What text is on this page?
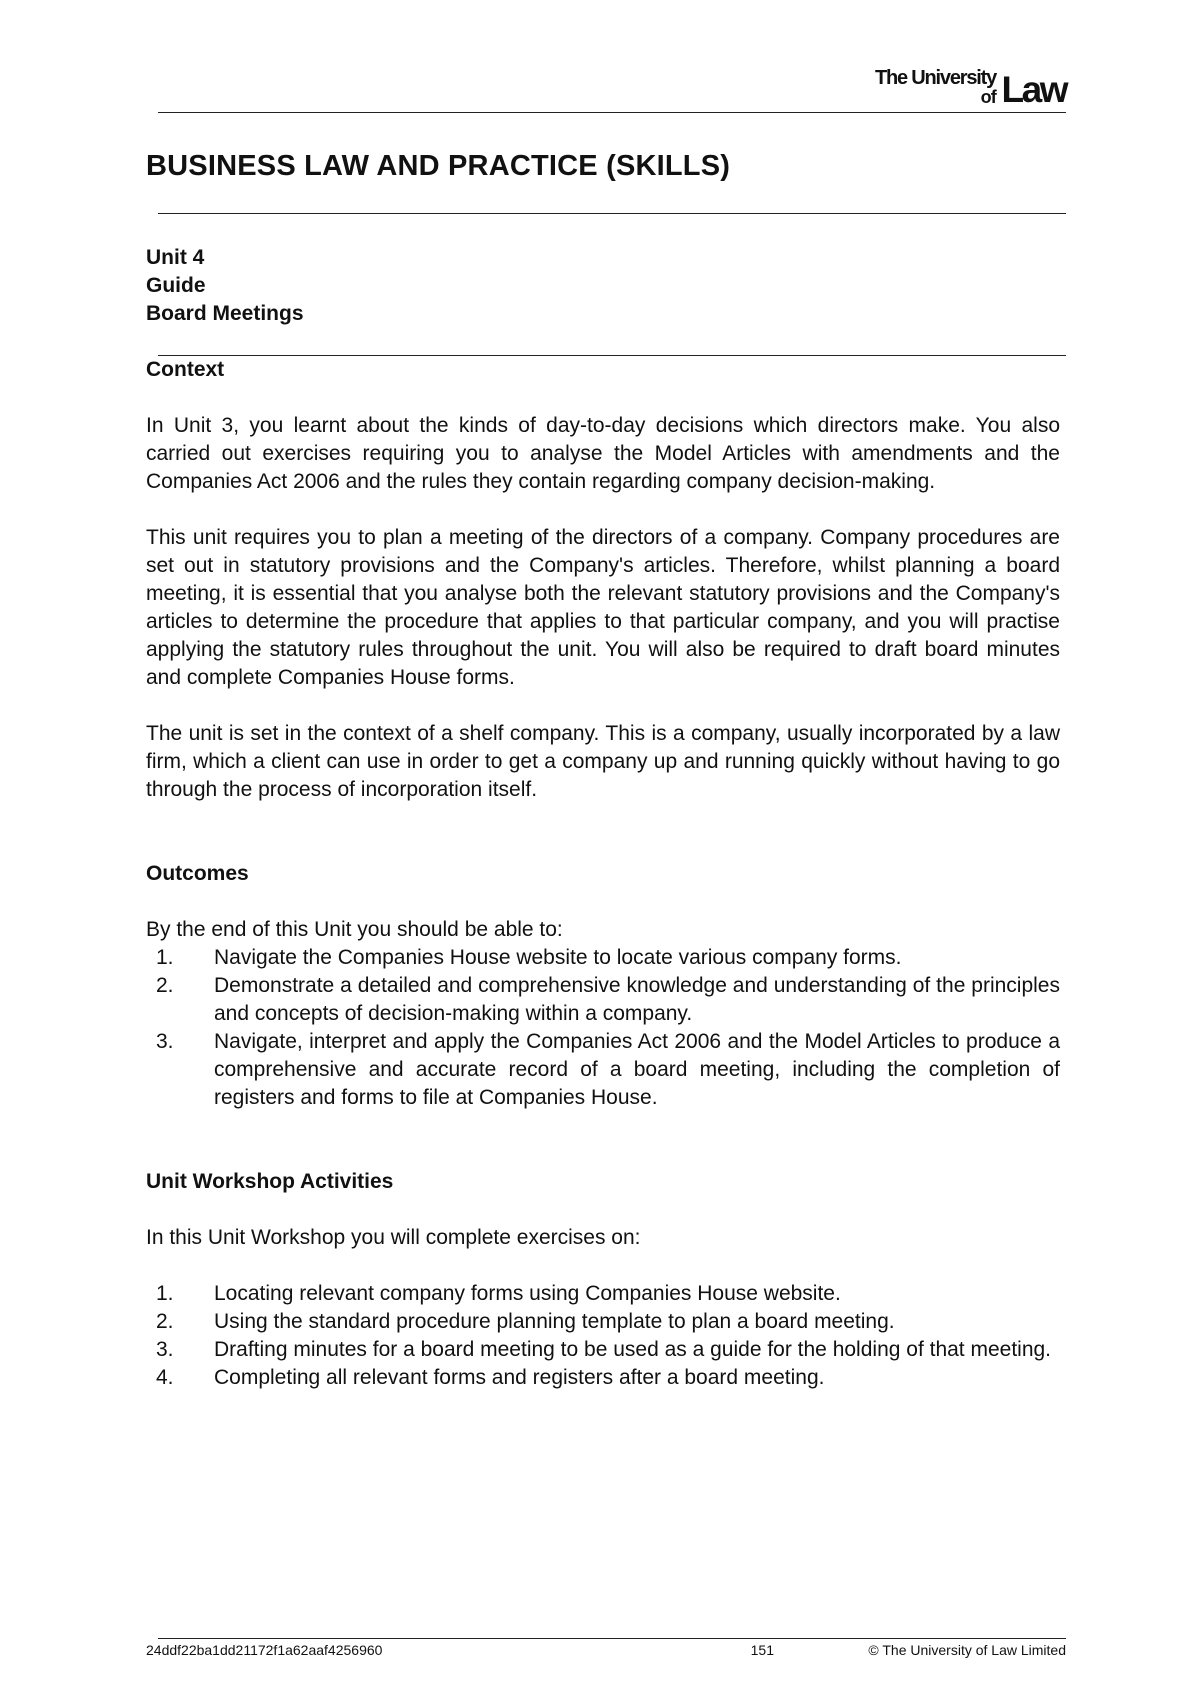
The University
of Law
BUSINESS LAW AND PRACTICE (SKILLS)
Unit 4
Guide
Board Meetings
Context

In Unit 3, you learnt about the kinds of day-to-day decisions which directors make. You also carried out exercises requiring you to analyse the Model Articles with amendments and the Companies Act 2006 and the rules they contain regarding company decision-making.

This unit requires you to plan a meeting of the directors of a company. Company procedures are set out in statutory provisions and the Company's articles. Therefore, whilst planning a board meeting, it is essential that you analyse both the relevant statutory provisions and the Company's articles to determine the procedure that applies to that particular company, and you will practise applying the statutory rules throughout the unit. You will also be required to draft board minutes and complete Companies House forms.

The unit is set in the context of a shelf company. This is a company, usually incorporated by a law firm, which a client can use in order to get a company up and running quickly without having to go through the process of incorporation itself.

Outcomes

By the end of this Unit you should be able to:

1. Navigate the Companies House website to locate various company forms.
2. Demonstrate a detailed and comprehensive knowledge and understanding of the principles and concepts of decision-making within a company.
3. Navigate, interpret and apply the Companies Act 2006 and the Model Articles to produce a comprehensive and accurate record of a board meeting, including the completion of registers and forms to file at Companies House.
Unit Workshop Activities

In this Unit Workshop you will complete exercises on:

1. Locating relevant company forms using Companies House website.
2. Using the standard procedure planning template to plan a board meeting.
3. Drafting minutes for a board meeting to be used as a guide for the holding of that meeting.
4. Completing all relevant forms and registers after a board meeting.
24ddf22ba1dd21172f1a62aaf4256960	151	© The University of Law Limited
